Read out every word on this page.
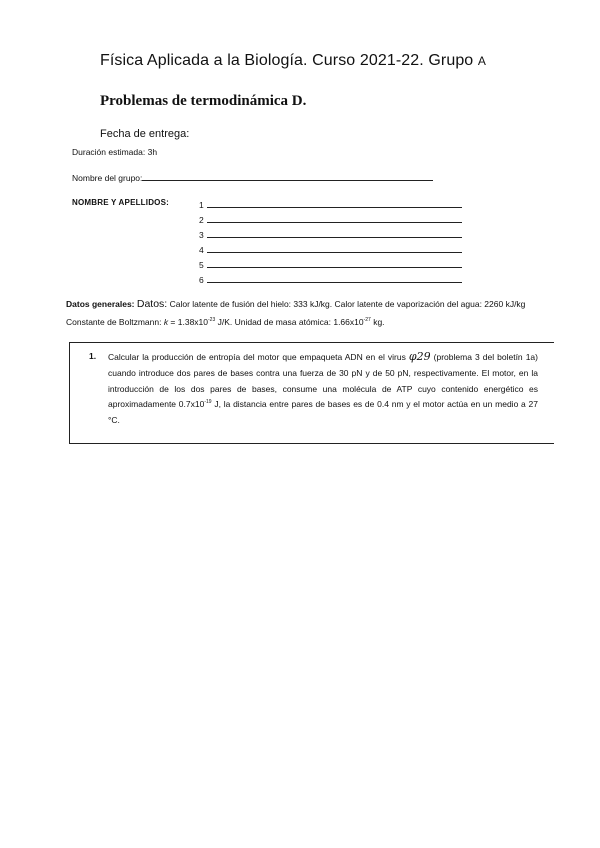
Física Aplicada a la Biología. Curso 2021-22. Grupo A
Problemas de termodinámica D.
Fecha de entrega:
Duración estimada: 3h
Nombre del grupo:
NOMBRE Y APELLIDOS:	1
2
3
4
5
6
Datos generales: Datos: Calor latente de fusión del hielo: 333 kJ/kg. Calor latente de vaporización del agua: 2260 kJ/kg Constante de Boltzmann: $k = 1.38x10^{-23}$ J/K. Unidad de masa atómica: $1.66x10^{-27}$ kg.
1. Calcular la producción de entropía del motor que empaqueta ADN en el virus φ29 (problema 3 del boletín 1a) cuando introduce dos pares de bases contra una fuerza de 30 pN y de 50 pN, respectivamente. El motor, en la introducción de los dos pares de bases, consume una molécula de ATP cuyo contenido energético es aproximadamente $0.7x10^{-19}$ J, la distancia entre pares de bases es de 0.4 nm y el motor actúa en un medio a 27 °C.
